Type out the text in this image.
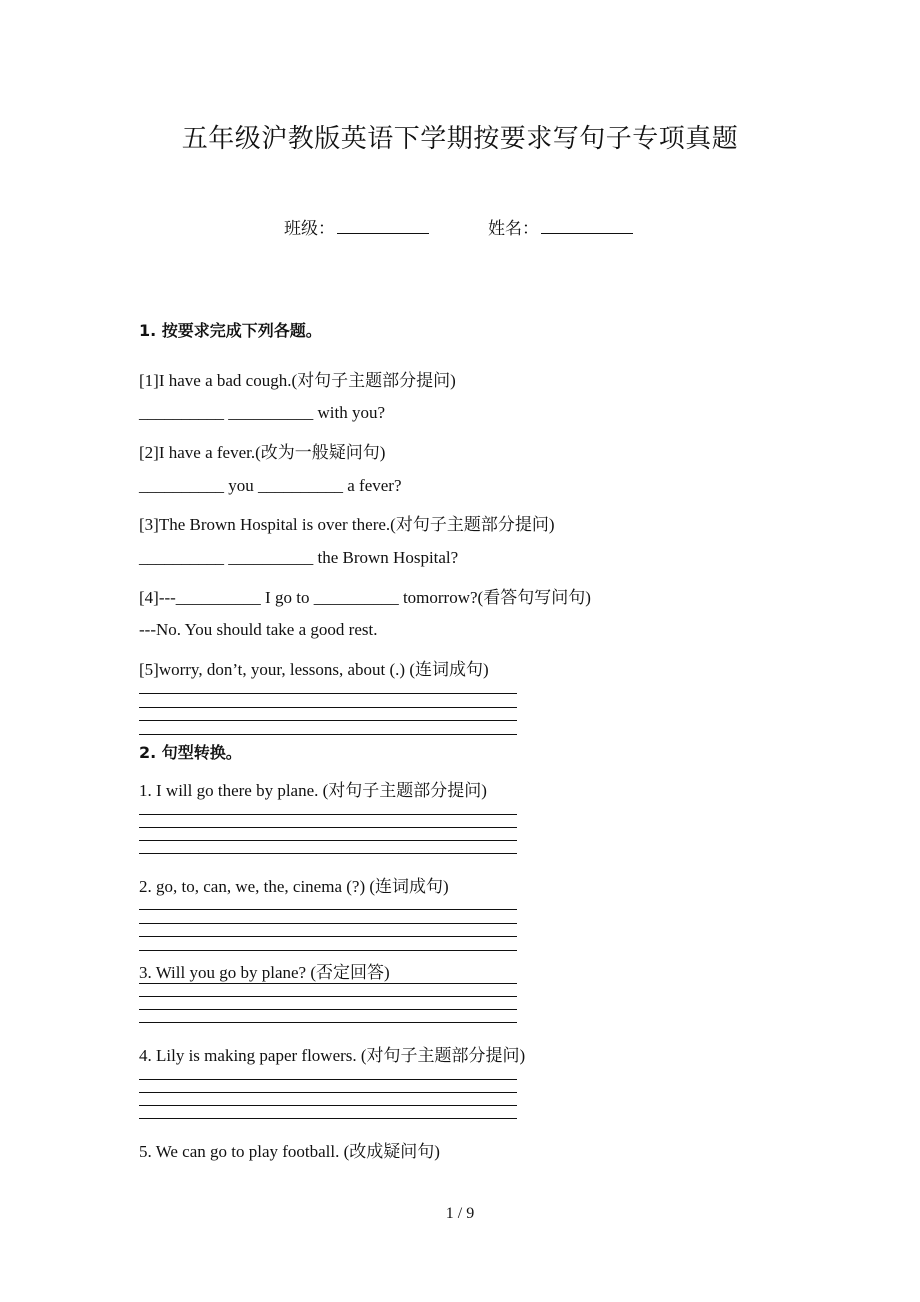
五年级沪教版英语下学期按要求写句子专项真题
班级：	姓名：
1. 按要求完成下列各题。
[1]I have a bad cough.(对句子主题部分提问)
__________ __________ with you?
[2]I have a fever.(改为一般疑问句)
__________ you __________ a fever?
[3]The Brown Hospital is over there.(对句子主题部分提问)
__________ __________ the Brown Hospital?
[4]---__________ I go to __________ tomorrow?(看答句写问句)
---No. You should take a good rest.
[5]worry, don’t, your, lessons, about (.) (连词成句)
2. 句型转换。
1. I will go there by plane. (对句子主题部分提问)
2. go, to, can, we, the, cinema (?) (连词成句)
3. Will you go by plane? (否定回答)
4. Lily is making paper flowers. (对句子主题部分提问)
5. We can go to play football. (改成疑问句)
1 / 9
